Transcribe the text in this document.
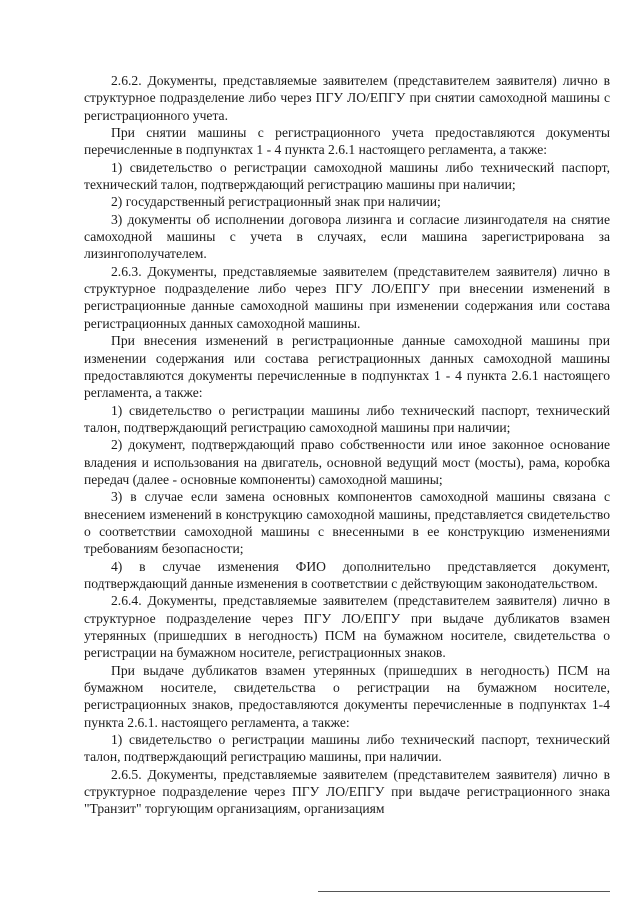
2.6.2. Документы, представляемые заявителем (представителем заявителя) лично в структурное подразделение либо через ПГУ ЛО/ЕПГУ при снятии самоходной машины с регистрационного учета.

При снятии машины с регистрационного учета предоставляются документы перечисленные в подпунктах 1 - 4 пункта 2.6.1 настоящего регламента, а также:

1) свидетельство о регистрации самоходной машины либо технический паспорт, технический талон, подтверждающий регистрацию машины при наличии;

2) государственный регистрационный знак при наличии;

3) документы об исполнении договора лизинга и согласие лизингодателя на снятие самоходной машины с учета в случаях, если машина зарегистрирована за лизингополучателем.

2.6.3. Документы, представляемые заявителем (представителем заявителя) лично в структурное подразделение либо через ПГУ ЛО/ЕПГУ при внесении изменений в регистрационные данные самоходной машины при изменении содержания или состава регистрационных данных самоходной машины.

При внесения изменений в регистрационные данные самоходной машины при изменении содержания или состава регистрационных данных самоходной машины предоставляются документы перечисленные в подпунктах 1 - 4 пункта 2.6.1 настоящего регламента, а также:

1) свидетельство о регистрации машины либо технический паспорт, технический талон, подтверждающий регистрацию самоходной машины при наличии;

2) документ, подтверждающий право собственности или иное законное основание владения и использования на двигатель, основной ведущий мост (мосты), рама, коробка передач (далее - основные компоненты) самоходной машины;

3) в случае если замена основных компонентов самоходной машины связана с внесением изменений в конструкцию самоходной машины, представляется свидетельство о соответствии самоходной машины с внесенными в ее конструкцию изменениями требованиям безопасности;

4) в случае изменения ФИО дополнительно представляется документ, подтверждающий данные изменения в соответствии с действующим законодательством.

2.6.4. Документы, представляемые заявителем (представителем заявителя) лично в структурное подразделение через ПГУ ЛО/ЕПГУ при выдаче дубликатов взамен утерянных (пришедших в негодность) ПСМ на бумажном носителе, свидетельства о регистрации на бумажном носителе, регистрационных знаков.

При выдаче дубликатов взамен утерянных (пришедших в негодность) ПСМ на бумажном носителе, свидетельства о регистрации на бумажном носителе, регистрационных знаков, предоставляются документы перечисленные в подпунктах 1-4 пункта 2.6.1. настоящего регламента, а также:

1) свидетельство о регистрации машины либо технический паспорт, технический талон, подтверждающий регистрацию машины, при наличии.

2.6.5. Документы, представляемые заявителем (представителем заявителя) лично в структурное подразделение через ПГУ ЛО/ЕПГУ при выдаче регистрационного знака "Транзит" торгующим организациям, организациям
